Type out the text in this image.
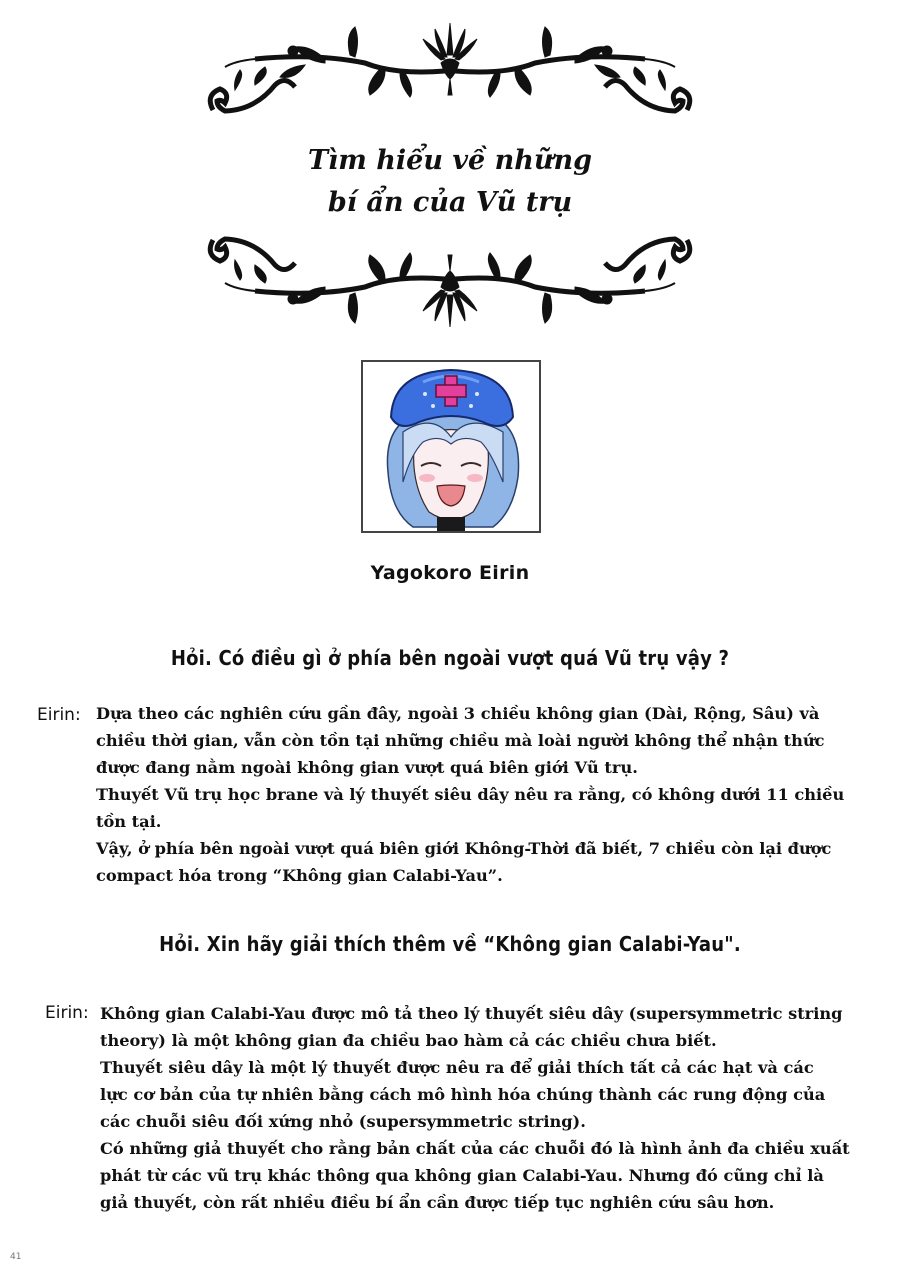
Tìm hiểu về những
bí ẩn của Vũ trụ
Yagokoro Eirin
Hỏi. Có điều gì ở phía bên ngoài vượt quá Vũ trụ vậy ?
Eirin: Dựa theo các nghiên cứu gần đây, ngoài 3 chiều không gian (Dài, Rộng, Sâu) và
chiều thời gian, vẫn còn tồn tại những chiều mà loài người không thể nhận thức
được đang nằm ngoài không gian vượt quá biên giới Vũ trụ.
Thuyết Vũ trụ học brane và lý thuyết siêu dây nêu ra rằng, có không dưới 11 chiều
tồn tại.
Vậy, ở phía bên ngoài vượt quá biên giới Không-Thời đã biết, 7 chiều còn lại được
compact hóa trong “Không gian Calabi-Yau”.
Hỏi. Xin hãy giải thích thêm về “Không gian Calabi-Yau".
Eirin: Không gian Calabi-Yau được mô tả theo lý thuyết siêu dây (supersymmetric string
theory) là một không gian đa chiều bao hàm cả các chiều chưa biết.
Thuyết siêu dây là một lý thuyết được nêu ra để giải thích tất cả các hạt và các
lực cơ bản của tự nhiên bằng cách mô hình hóa chúng thành các rung động của
các chuỗi siêu đối xứng nhỏ (supersymmetric string).
Có những giả thuyết cho rằng bản chất của các chuỗi đó là hình ảnh đa chiều xuất
phát từ các vũ trụ khác thông qua không gian Calabi-Yau. Nhưng đó cũng chỉ là
giả thuyết, còn rất nhiều điều bí ẩn cần được tiếp tục nghiên cứu sâu hơn.
41
